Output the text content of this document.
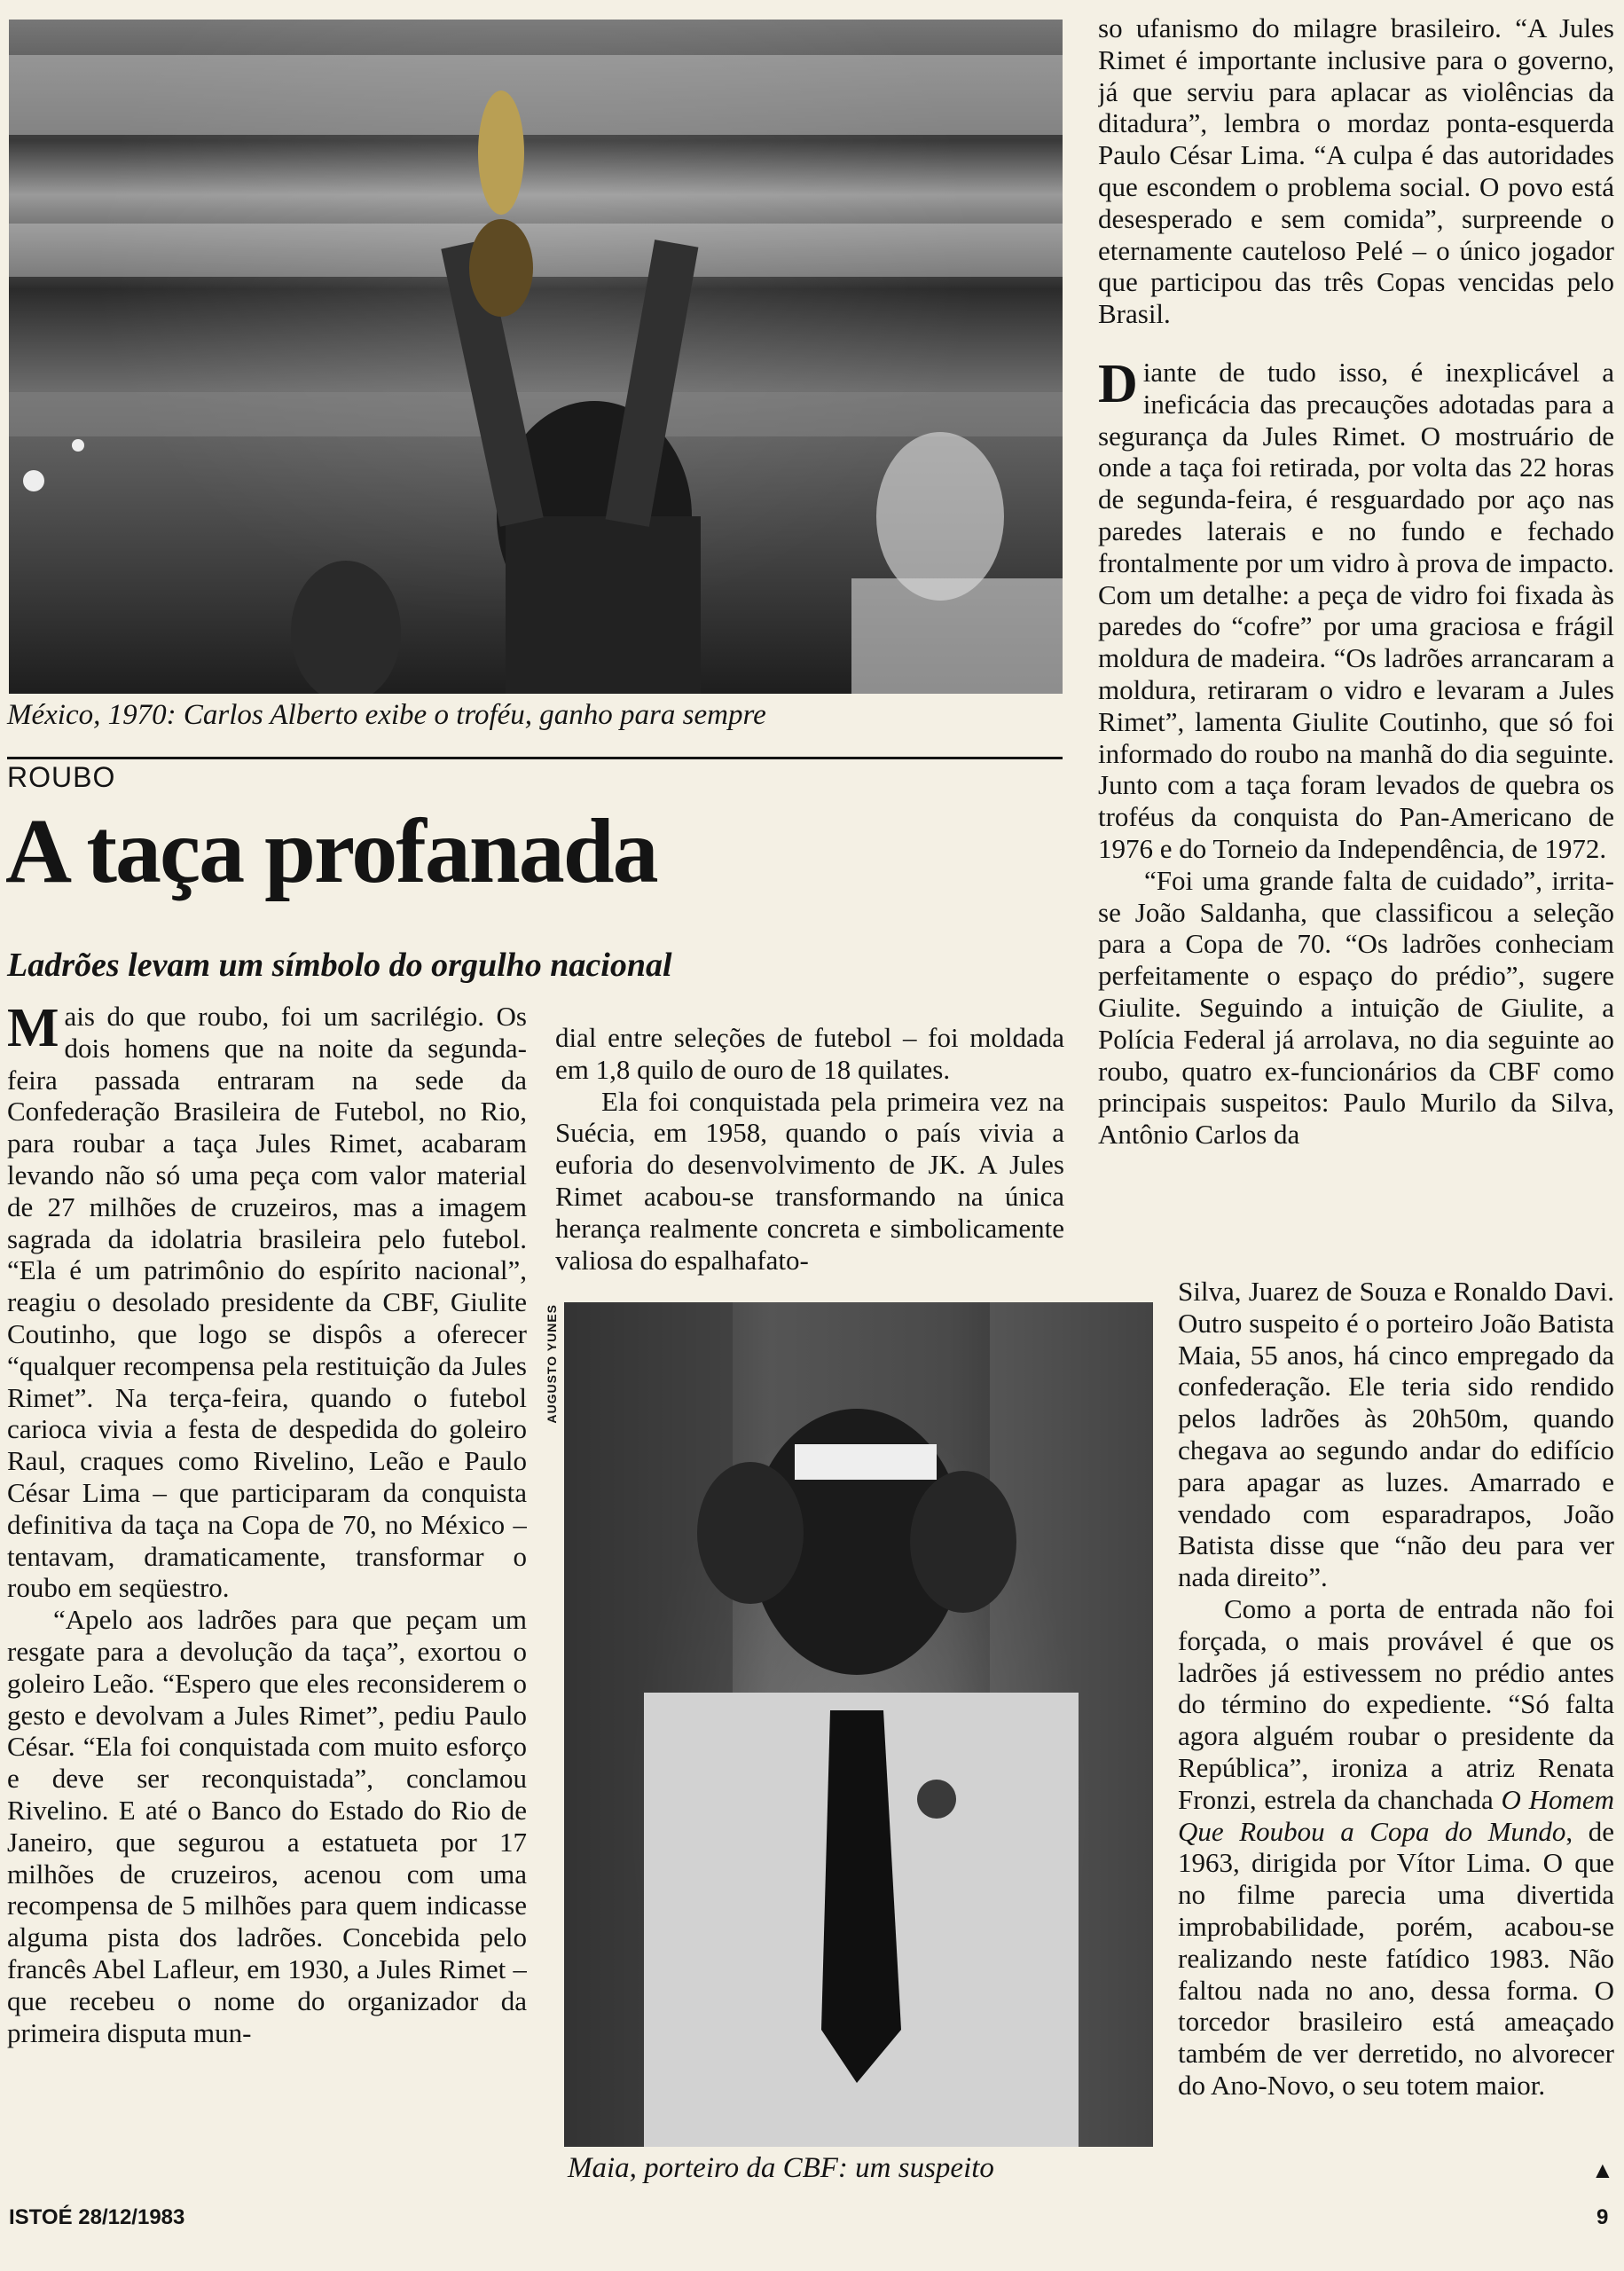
México, 1970: Carlos Alberto exibe o troféu, ganho para sempre
ROUBO
A taça profanada
Ladrões levam um símbolo do orgulho nacional

Mais do que roubo, foi um sacrilégio. Os dois homens que na noite da segunda-feira passada entraram na sede da Confederação Brasileira de Futebol, no Rio, para roubar a taça Jules Rimet, acabaram levando não só uma peça com valor material de 27 milhões de cruzeiros, mas a imagem sagrada da idolatria brasileira pelo futebol. “Ela é um patrimônio do espírito nacional”, reagiu o desolado presidente da CBF, Giulite Coutinho, que logo se dispôs a oferecer “qualquer recompensa pela restituição da Jules Rimet”. Na terça-feira, quando o futebol carioca vivia a festa de despedida do goleiro Raul, craques como Rivelino, Leão e Paulo César Lima – que participaram da conquista definitiva da taça na Copa de 70, no México – tentavam, dramaticamente, transformar o roubo em seqüestro.

“Apelo aos ladrões para que peçam um resgate para a devolução da taça”, exortou o goleiro Leão. “Espero que eles reconsiderem o gesto e devolvam a Jules Rimet”, pediu Paulo César. “Ela foi conquistada com muito esforço e deve ser reconquistada”, conclamou Rivelino. E até o Banco do Estado do Rio de Janeiro, que segurou a estatueta por 17 milhões de cruzeiros, acenou com uma recompensa de 5 milhões para quem indicasse alguma pista dos ladrões. Concebida pelo francês Abel Lafleur, em 1930, a Jules Rimet – que recebeu o nome do organizador da primeira disputa mun-

dial entre seleções de futebol – foi moldada em 1,8 quilo de ouro de 18 quilates.

Ela foi conquistada pela primeira vez na Suécia, em 1958, quando o país vivia a euforia do desenvolvimento de JK. A Jules Rimet acabou-se transformando na única herança realmente concreta e simbolicamente valiosa do espalhafato-

AUGUSTO YUNES
Maia, porteiro da CBF: um suspeito

so ufanismo do milagre brasileiro. “A Jules Rimet é importante inclusive para o governo, já que serviu para aplacar as violências da ditadura”, lembra o mordaz ponta-esquerda Paulo César Lima. “A culpa é das autoridades que escondem o problema social. O povo está desesperado e sem comida”, surpreende o eternamente cauteloso Pelé – o único jogador que participou das três Copas vencidas pelo Brasil.

Diante de tudo isso, é inexplicável a ineficácia das precauções adotadas para a segurança da Jules Rimet. O mostruário de onde a taça foi retirada, por volta das 22 horas de segunda-feira, é resguardado por aço nas paredes laterais e no fundo e fechado frontalmente por um vidro à prova de impacto. Com um detalhe: a peça de vidro foi fixada às paredes do “cofre” por uma graciosa e frágil moldura de madeira. “Os ladrões arrancaram a moldura, retiraram o vidro e levaram a Jules Rimet”, lamenta Giulite Coutinho, que só foi informado do roubo na manhã do dia seguinte. Junto com a taça foram levados de quebra os troféus da conquista do Pan-Americano de 1976 e do Torneio da Independência, de 1972.

“Foi uma grande falta de cuidado”, irrita-se João Saldanha, que classificou a seleção para a Copa de 70. “Os ladrões conheciam perfeitamente o espaço do prédio”, sugere Giulite. Seguindo a intuição de Giulite, a Polícia Federal já arrolava, no dia seguinte ao roubo, quatro ex-funcionários da CBF como principais suspeitos: Paulo Murilo da Silva, Antônio Carlos da

Silva, Juarez de Souza e Ronaldo Davi. Outro suspeito é o porteiro João Batista Maia, 55 anos, há cinco empregado da confederação. Ele teria sido rendido pelos ladrões às 20h50m, quando chegava ao segundo andar do edifício para apagar as luzes. Amarrado e vendado com esparadrapos, João Batista disse que “não deu para ver nada direito”.

Como a porta de entrada não foi forçada, o mais provável é que os ladrões já estivessem no prédio antes do término do expediente. “Só falta agora alguém roubar o presidente da República”, ironiza a atriz Renata Fronzi, estrela da chanchada O Homem Que Roubou a Copa do Mundo, de 1963, dirigida por Vítor Lima. O que no filme parecia uma divertida improbabilidade, porém, acabou-se realizando neste fatídico 1983. Não faltou nada no ano, dessa forma. O torcedor brasileiro está ameaçado também de ver derretido, no alvorecer do Ano-Novo, o seu totem maior.

▲
ISTOÉ 28/12/1983	9
